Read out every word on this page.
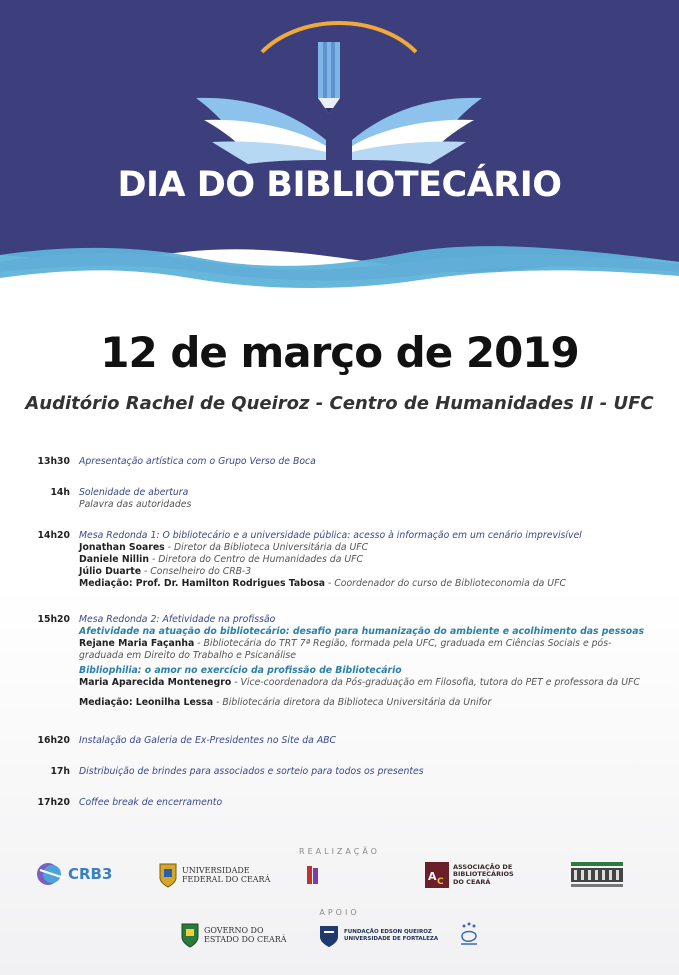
DIA DO BIBLIOTECÁRIO
12 de março de 2019
Auditório Rachel de Queiroz - Centro de Humanidades II - UFC
13h30 Apresentação artística com o Grupo Verso de Boca
14h Solenidade de abertura
Palavra das autoridades
14h20 Mesa Redonda 1: O bibliotecário e a universidade pública: acesso à informação em um cenário imprevisível
Jonathan Soares - Diretor da Biblioteca Universitária da UFC
Daniele Nillin - Diretora do Centro de Humanidades da UFC
Júlio Duarte - Conselheiro do CRB-3
Mediação: Prof. Dr. Hamilton Rodrigues Tabosa - Coordenador do curso de Biblioteconomia da UFC
15h20 Mesa Redonda 2: Afetividade na profissão
Afetividade na atuação do bibliotecário: desafio para humanização do ambiente e acolhimento das pessoas
Rejane Maria Façanha - Bibliotecária do TRT 7ª Região, formada pela UFC, graduada em Ciências Sociais e pós-
graduada em Direito do Trabalho e Psicanálise
Bibliophilia: o amor no exercício da profissão de Bibliotecário
Maria Aparecida Montenegro - Vice-coordenadora da Pós-graduação em Filosofia, tutora do PET e professora da UFC
Mediação: Leonilha Lessa - Bibliotecária diretora da Biblioteca Universitária da Unifor
16h20 Instalação da Galeria de Ex-Presidentes no Site da ABC
17h Distribuição de brindes para associados e sorteio para todos os presentes
17h20 Coffee break de encerramento
REALIZAÇÃO
CRB3	UNIVERSIDADE
FEDERAL DO CEARÁ	A C
ASSOCIAÇÃO DE
BIBLIOTECÁRIOS
DO CEARÁ
APOIO
GOVERNO DO
ESTADO DO CEARÁ
FUNDAÇÃO EDSON QUEIROZ
UNIVERSIDADE DE FORTALEZA
